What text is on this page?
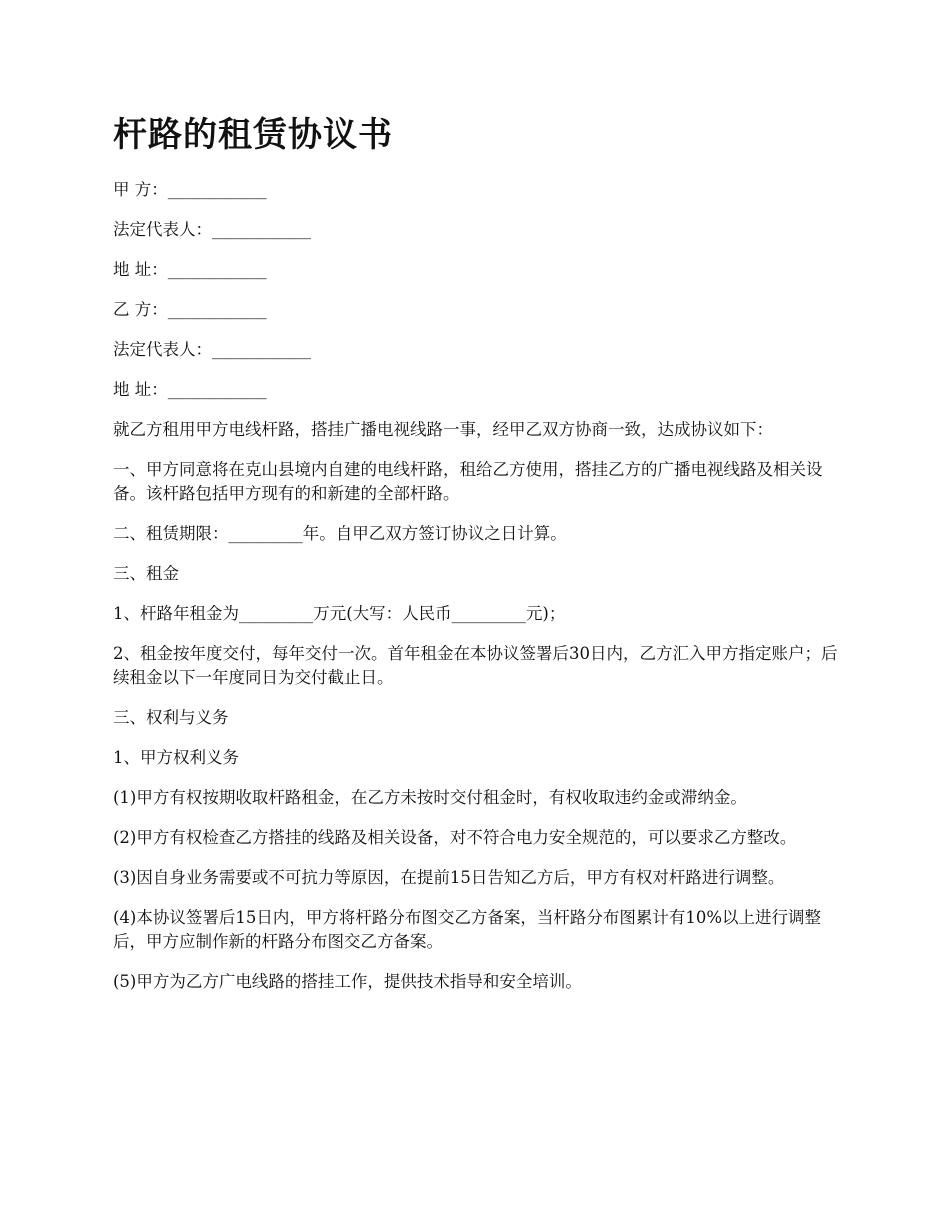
杆路的租赁协议书

甲 方：____________

法定代表人：____________

地 址：____________

乙 方：____________

法定代表人：____________

地 址：____________

就乙方租用甲方电线杆路，搭挂广播电视线路一事，经甲乙双方协商一致，达成协议如下：

一、甲方同意将在克山县境内自建的电线杆路，租给乙方使用，搭挂乙方的广播电视线路及相关设备。该杆路包括甲方现有的和新建的全部杆路。

二、租赁期限：_________年。自甲乙双方签订协议之日计算。

三、租金

1、杆路年租金为_________万元(大写：人民币_________元)；

2、租金按年度交付，每年交付一次。首年租金在本协议签署后30日内，乙方汇入甲方指定账户；后续租金以下一年度同日为交付截止日。

三、权利与义务

1、甲方权利义务

(1)甲方有权按期收取杆路租金，在乙方未按时交付租金时，有权收取违约金或滞纳金。

(2)甲方有权检查乙方搭挂的线路及相关设备，对不符合电力安全规范的，可以要求乙方整改。

(3)因自身业务需要或不可抗力等原因，在提前15日告知乙方后，甲方有权对杆路进行调整。

(4)本协议签署后15日内，甲方将杆路分布图交乙方备案，当杆路分布图累计有10%以上进行调整后，甲方应制作新的杆路分布图交乙方备案。

(5)甲方为乙方广电线路的搭挂工作，提供技术指导和安全培训。
